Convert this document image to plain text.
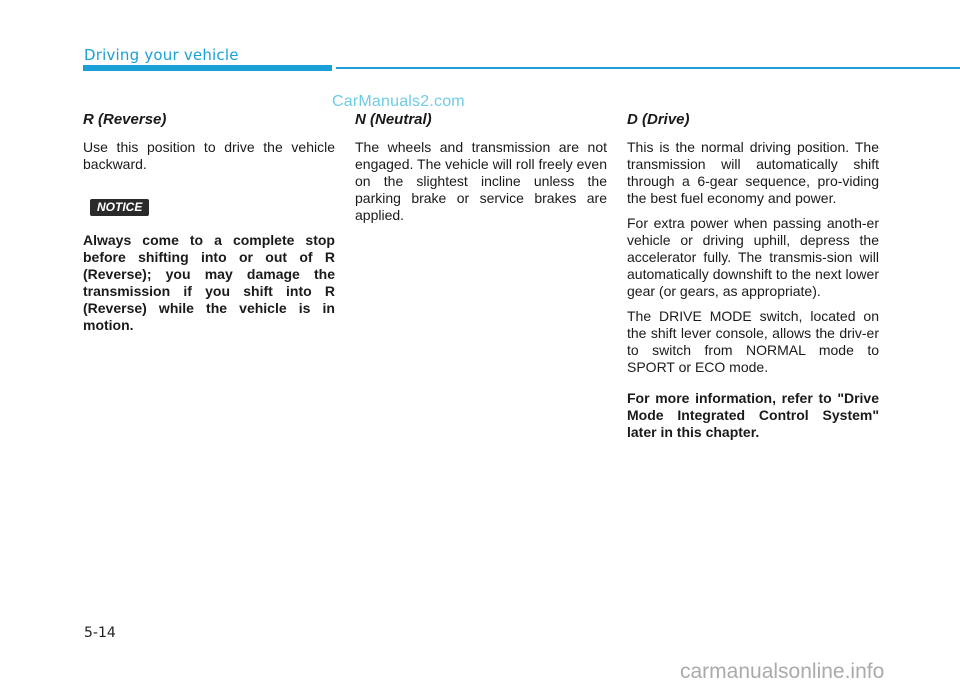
Driving your vehicle
CarManuals2.com
R (Reverse)

Use this position to drive the vehicle backward.

NOTICE

Always come to a complete stop before shifting into or out of R (Reverse); you may damage the transmission if you shift into R (Reverse) while the vehicle is in motion.

N (Neutral)

The wheels and transmission are not engaged. The vehicle will roll freely even on the slightest incline unless the parking brake or service brakes are applied.

D (Drive)

This is the normal driving position. The transmission will automatically shift through a 6-gear sequence, pro-viding the best fuel economy and power.

For extra power when passing anoth-er vehicle or driving uphill, depress the accelerator fully. The transmis-sion will automatically downshift to the next lower gear (or gears, as appropriate).

The DRIVE MODE switch, located on the shift lever console, allows the driv-er to switch from NORMAL mode to SPORT or ECO mode.

For more information, refer to "Drive Mode Integrated Control System" later in this chapter.

5-14
carmanualsonline.info
